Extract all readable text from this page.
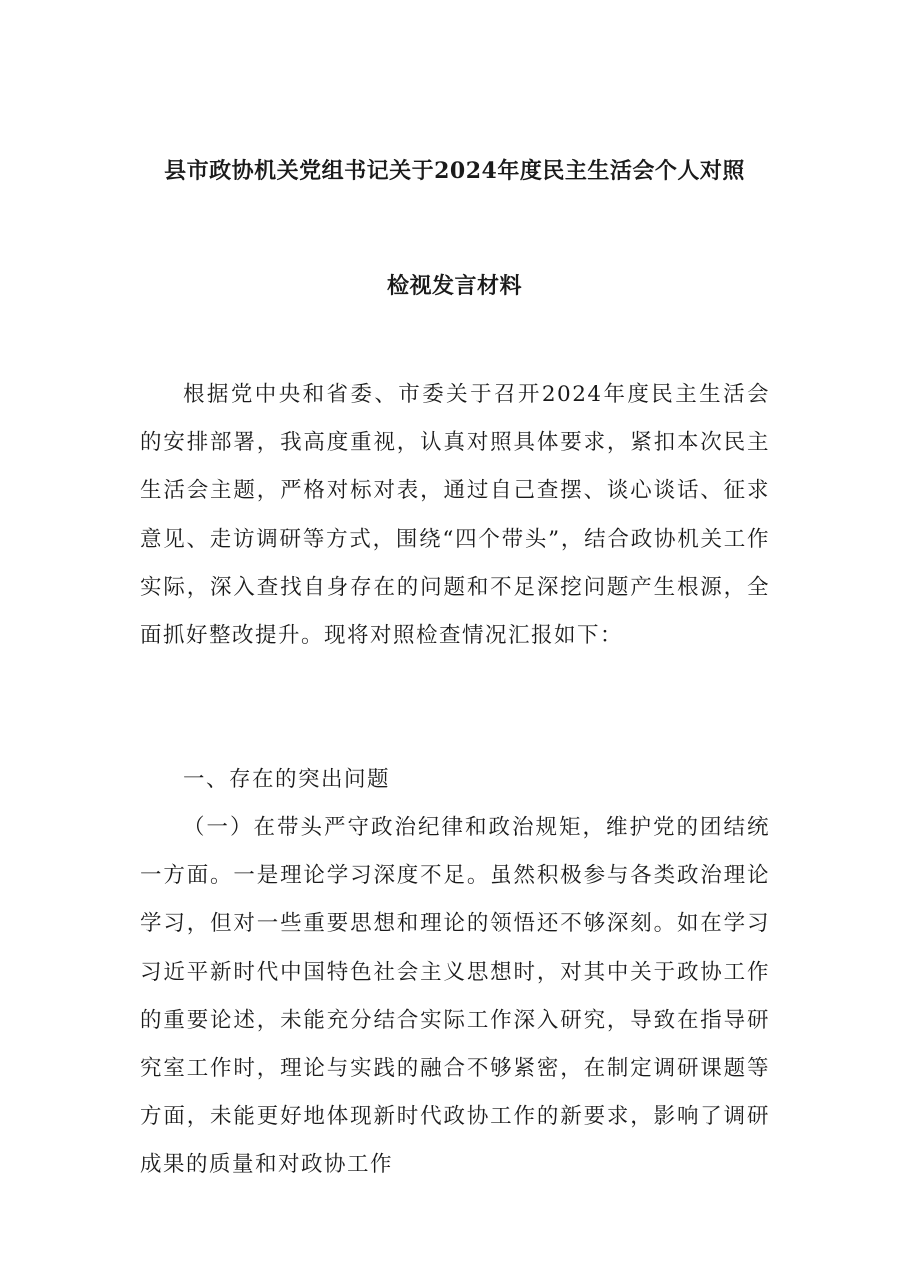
县市政协机关党组书记关于2024年度民主生活会个人对照
检视发言材料

根据党中央和省委、市委关于召开2024年度民主生活会的安排部署，我高度重视，认真对照具体要求，紧扣本次民主生活会主题，严格对标对表，通过自己查摆、谈心谈话、征求意见、走访调研等方式，围绕“四个带头”，结合政协机关工作实际，深入查找自身存在的问题和不足深挖问题产生根源，全面抓好整改提升。现将对照检查情况汇报如下：

一、存在的突出问题

（一）在带头严守政治纪律和政治规矩，维护党的团结统一方面。一是理论学习深度不足。虽然积极参与各类政治理论学习，但对一些重要思想和理论的领悟还不够深刻。如在学习习近平新时代中国特色社会主义思想时，对其中关于政协工作的重要论述，未能充分结合实际工作深入研究，导致在指导研究室工作时，理论与实践的融合不够紧密，在制定调研课题等方面，未能更好地体现新时代政协工作的新要求，影响了调研成果的质量和对政协工作
